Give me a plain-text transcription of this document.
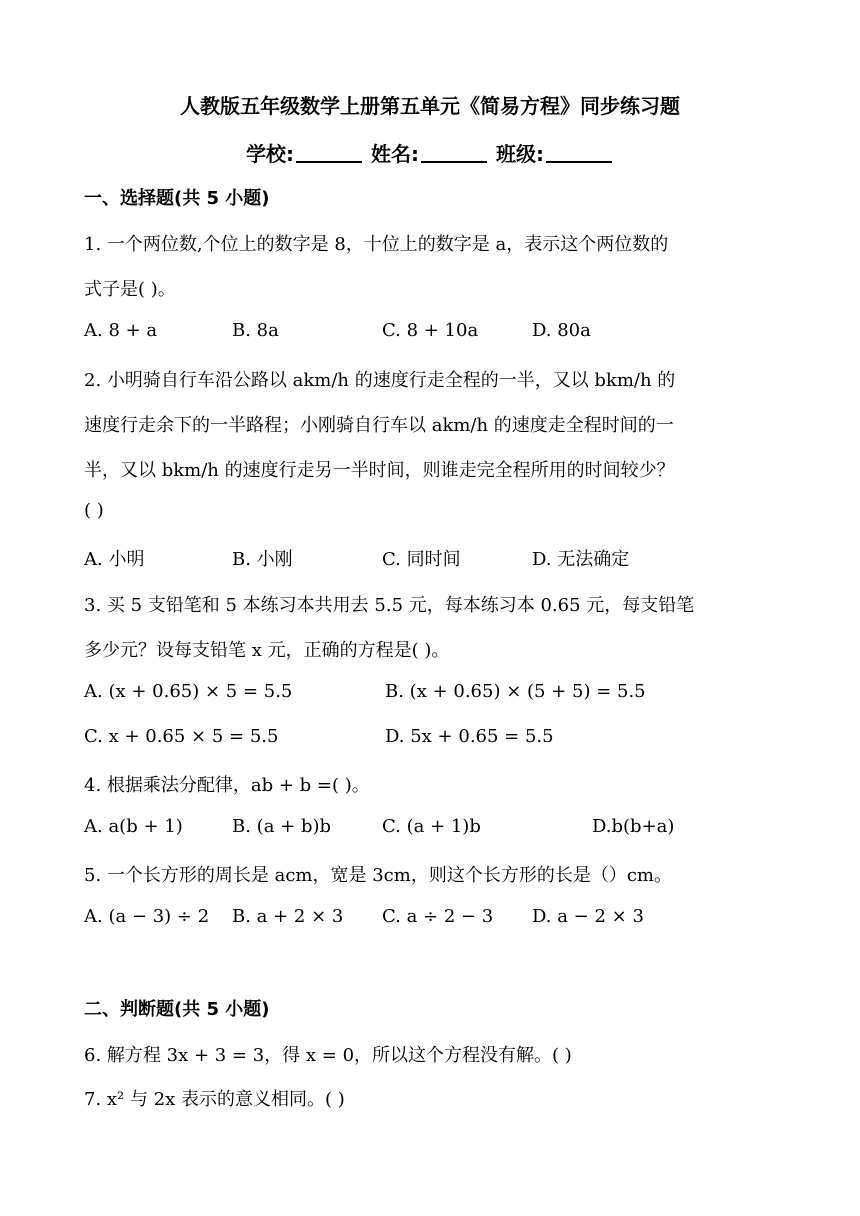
人教版五年级数学上册第五单元《简易方程》同步练习题
学校:	姓名:	班级:
一、选择题(共 5 小题)
1. 一个两位数,个位上的数字是 8，十位上的数字是 a，表示这个两位数的
式子是( )。
A. 8 + a	B. 8a	C. 8 + 10a	D. 80a
2. 小明骑自行车沿公路以 akm/h 的速度行走全程的一半，又以 bkm/h 的
速度行走余下的一半路程；小刚骑自行车以 akm/h 的速度走全程时间的一
半，又以 bkm/h 的速度行走另一半时间，则谁走完全程所用的时间较少？
( )
A. 小明	B. 小刚	C. 同时间	D. 无法确定
3. 买 5 支铅笔和 5 本练习本共用去 5.5 元，每本练习本 0.65 元，每支铅笔
多少元？设每支铅笔 x 元，正确的方程是( )。
A. (x + 0.65) × 5 = 5.5	B. (x + 0.65) × (5 + 5) = 5.5
C. x + 0.65 × 5 = 5.5	D. 5x + 0.65 = 5.5
4. 根据乘法分配律，ab + b =( )。
A. a(b + 1)	B. (a + b)b	C. (a + 1)b	D.b(b+a)
5. 一个长方形的周长是 acm，宽是 3cm，则这个长方形的长是（）cm。
A. (a − 3) ÷ 2 B. a + 2 × 3 C. a ÷ 2 − 3 D. a − 2 × 3
二、判断题(共 5 小题)
6. 解方程 3x + 3 = 3，得 x = 0，所以这个方程没有解。( )
7. x² 与 2x 表示的意义相同。( )
